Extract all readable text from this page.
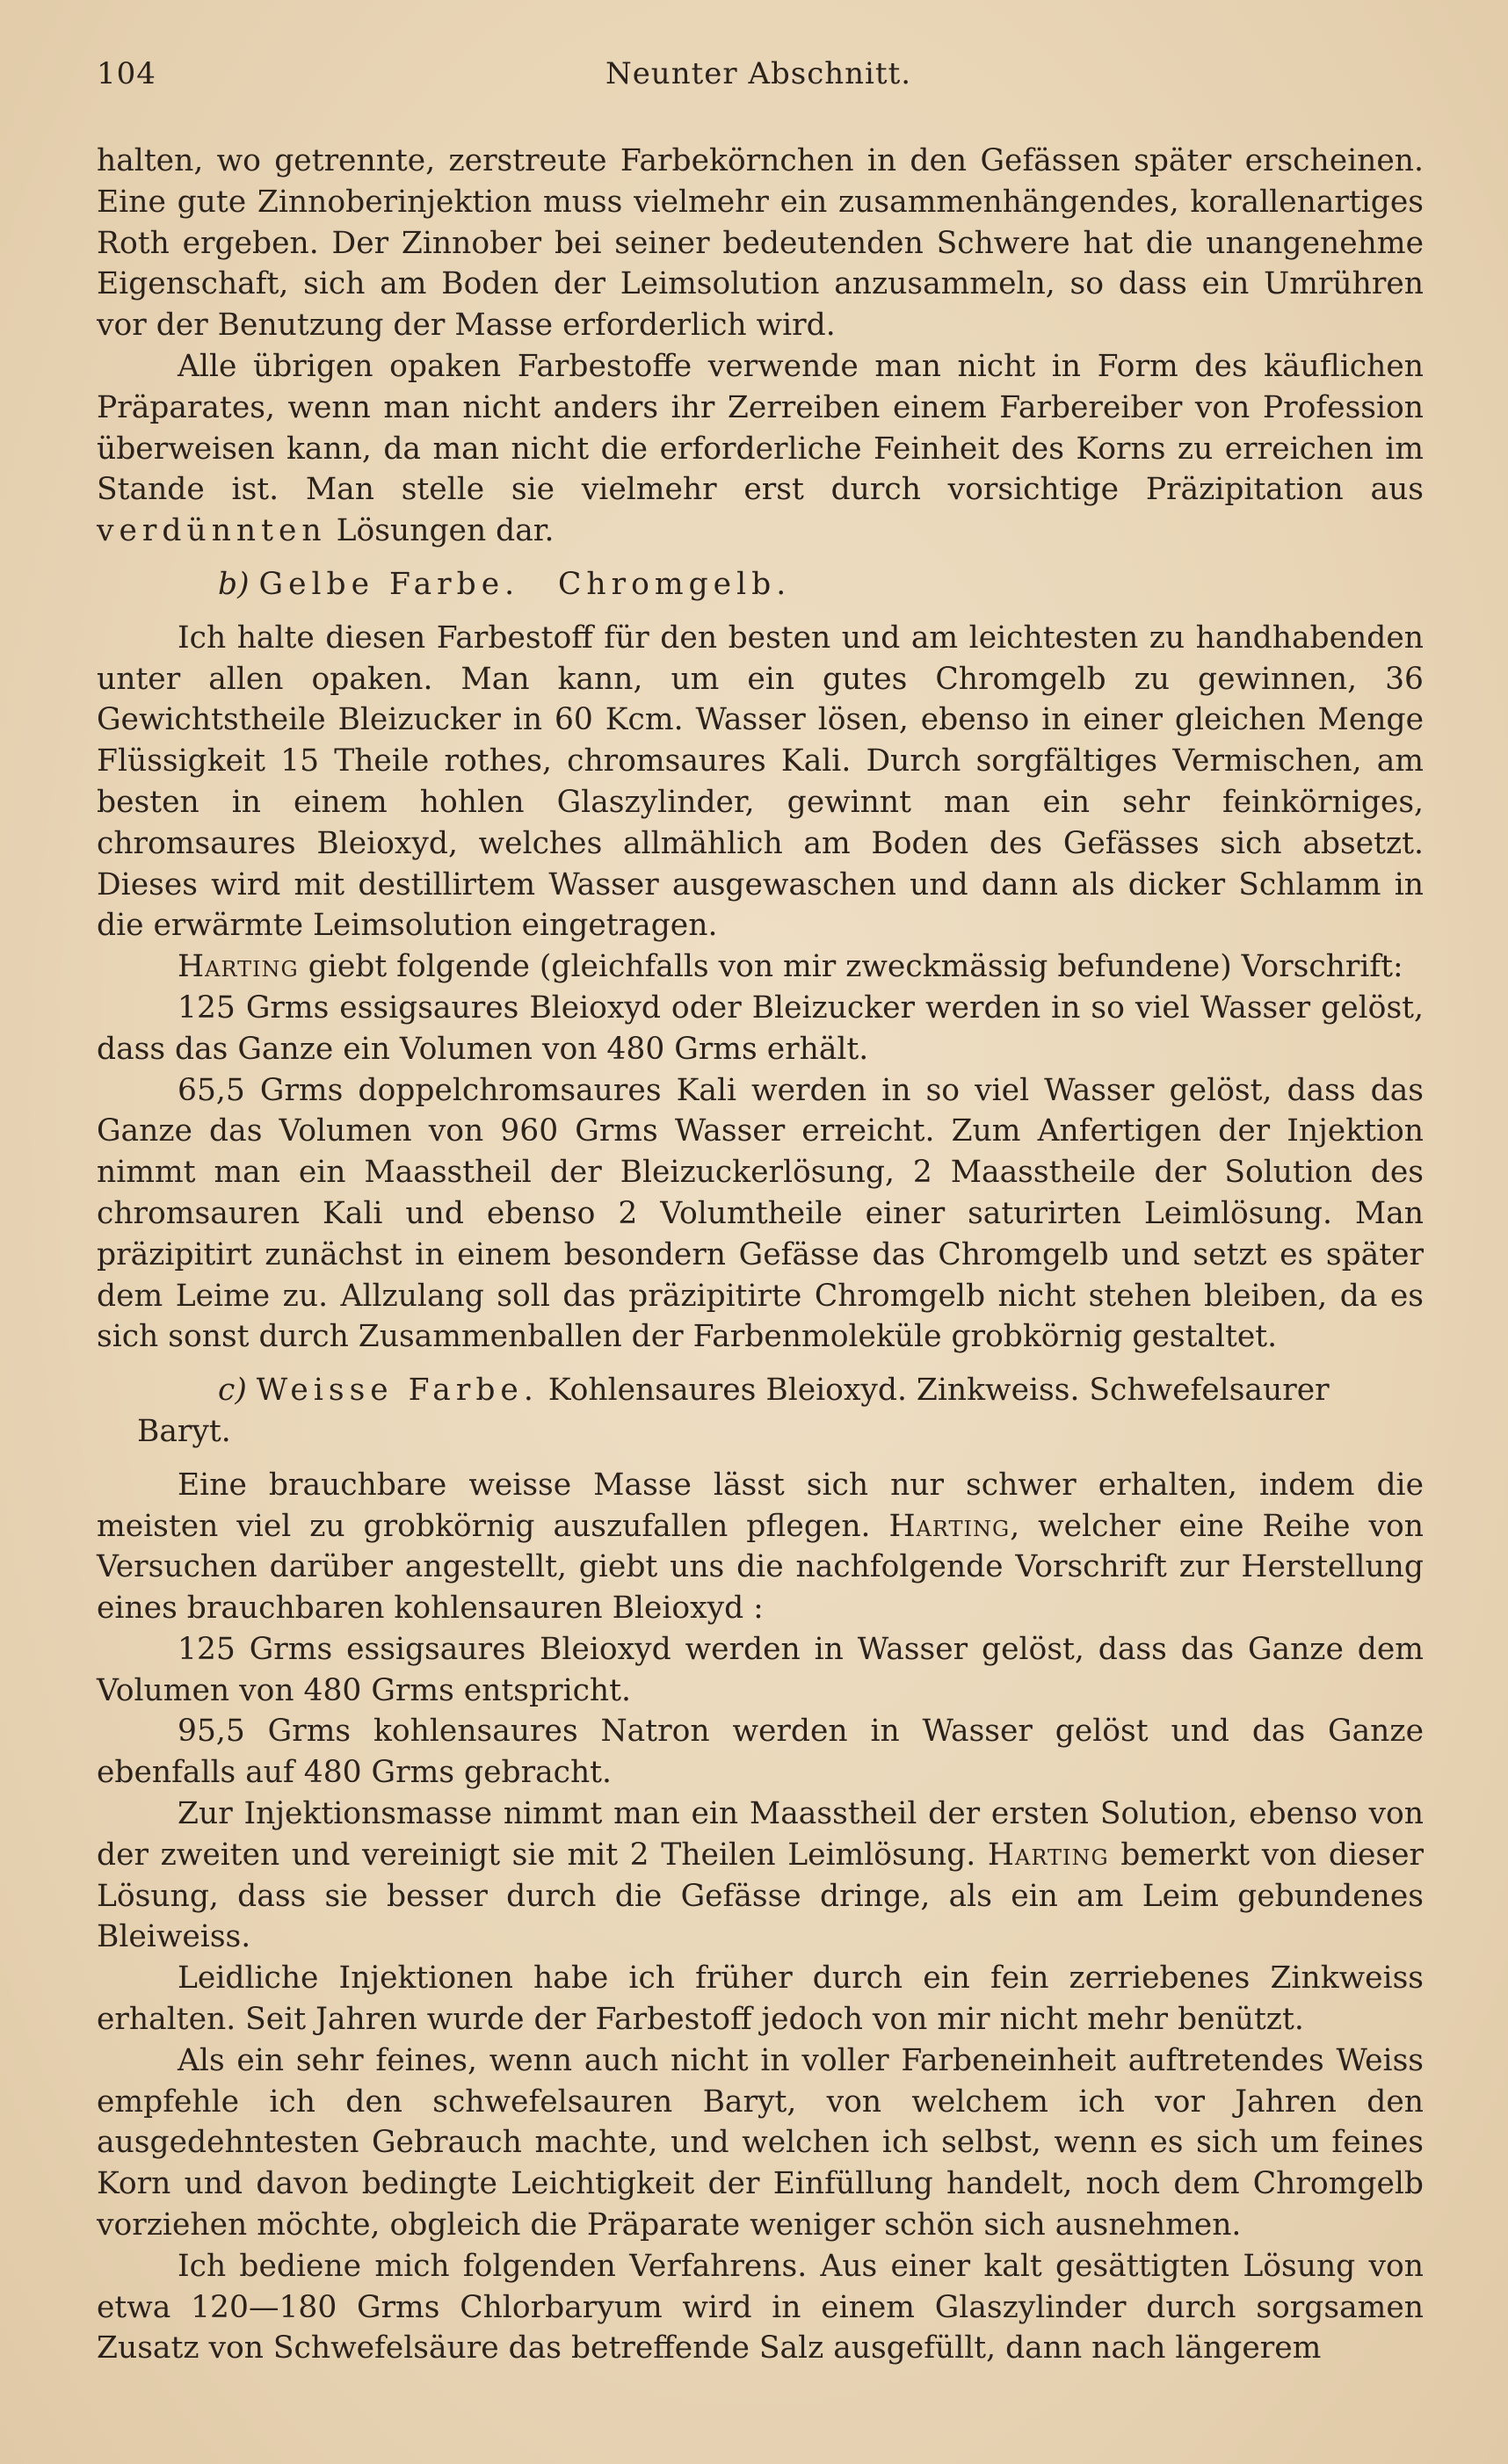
104	Neunter Abschnitt.

halten, wo getrennte, zerstreute Farbekörnchen in den Gefässen später erscheinen. Eine gute Zinnoberinjektion muss vielmehr ein zusammenhängendes, korallenartiges Roth ergeben. Der Zinnober bei seiner bedeutenden Schwere hat die unangenehme Eigenschaft, sich am Boden der Leimsolution anzusammeln, so dass ein Umrühren vor der Benutzung der Masse erforderlich wird.

Alle übrigen opaken Farbestoffe verwende man nicht in Form des käuflichen Präparates, wenn man nicht anders ihr Zerreiben einem Farbereiber von Profession überweisen kann, da man nicht die erforderliche Feinheit des Korns zu erreichen im Stande ist. Man stelle sie vielmehr erst durch vorsichtige Präzipitation aus verdünnten Lösungen dar.

b) Gelbe Farbe. Chromgelb.

Ich halte diesen Farbestoff für den besten und am leichtesten zu handhabenden unter allen opaken. Man kann, um ein gutes Chromgelb zu gewinnen, 36 Gewichtstheile Bleizucker in 60 Kcm. Wasser lösen, ebenso in einer gleichen Menge Flüssigkeit 15 Theile rothes, chromsaures Kali. Durch sorgfältiges Vermischen, am besten in einem hohlen Glaszylinder, gewinnt man ein sehr feinkörniges, chromsaures Bleioxyd, welches allmählich am Boden des Gefässes sich absetzt. Dieses wird mit destillirtem Wasser ausgewaschen und dann als dicker Schlamm in die erwärmte Leimsolution eingetragen.

Harting giebt folgende (gleichfalls von mir zweckmässig befundene) Vorschrift:

125 Grms essigsaures Bleioxyd oder Bleizucker werden in so viel Wasser gelöst, dass das Ganze ein Volumen von 480 Grms erhält.

65,5 Grms doppelchromsaures Kali werden in so viel Wasser gelöst, dass das Ganze das Volumen von 960 Grms Wasser erreicht. Zum Anfertigen der Injektion nimmt man ein Maasstheil der Bleizuckerlösung, 2 Maasstheile der Solution des chromsauren Kali und ebenso 2 Volumtheile einer saturirten Leimlösung. Man präzipitirt zunächst in einem besondern Gefässe das Chromgelb und setzt es später dem Leime zu. Allzulang soll das präzipitirte Chromgelb nicht stehen bleiben, da es sich sonst durch Zusammenballen der Farbenmoleküle grobkörnig gestaltet.

c) Weisse Farbe. Kohlensaures Bleioxyd. Zinkweiss. Schwefelsaurer Baryt.

Eine brauchbare weisse Masse lässt sich nur schwer erhalten, indem die meisten viel zu grobkörnig auszufallen pflegen. Harting, welcher eine Reihe von Versuchen darüber angestellt, giebt uns die nachfolgende Vorschrift zur Herstellung eines brauchbaren kohlensauren Bleioxyd :

125 Grms essigsaures Bleioxyd werden in Wasser gelöst, dass das Ganze dem Volumen von 480 Grms entspricht.

95,5 Grms kohlensaures Natron werden in Wasser gelöst und das Ganze ebenfalls auf 480 Grms gebracht.

Zur Injektionsmasse nimmt man ein Maasstheil der ersten Solution, ebenso von der zweiten und vereinigt sie mit 2 Theilen Leimlösung. Harting bemerkt von dieser Lösung, dass sie besser durch die Gefässe dringe, als ein am Leim gebundenes Bleiweiss.

Leidliche Injektionen habe ich früher durch ein fein zerriebenes Zinkweiss erhalten. Seit Jahren wurde der Farbestoff jedoch von mir nicht mehr benützt.

Als ein sehr feines, wenn auch nicht in voller Farbeneinheit auftretendes Weiss empfehle ich den schwefelsauren Baryt, von welchem ich vor Jahren den ausgedehntesten Gebrauch machte, und welchen ich selbst, wenn es sich um feines Korn und davon bedingte Leichtigkeit der Einfüllung handelt, noch dem Chromgelb vorziehen möchte, obgleich die Präparate weniger schön sich ausnehmen.

Ich bediene mich folgenden Verfahrens. Aus einer kalt gesättigten Lösung von etwa 120—180 Grms Chlorbaryum wird in einem Glaszylinder durch sorgsamen Zusatz von Schwefelsäure das betreffende Salz ausgefüllt, dann nach längerem
